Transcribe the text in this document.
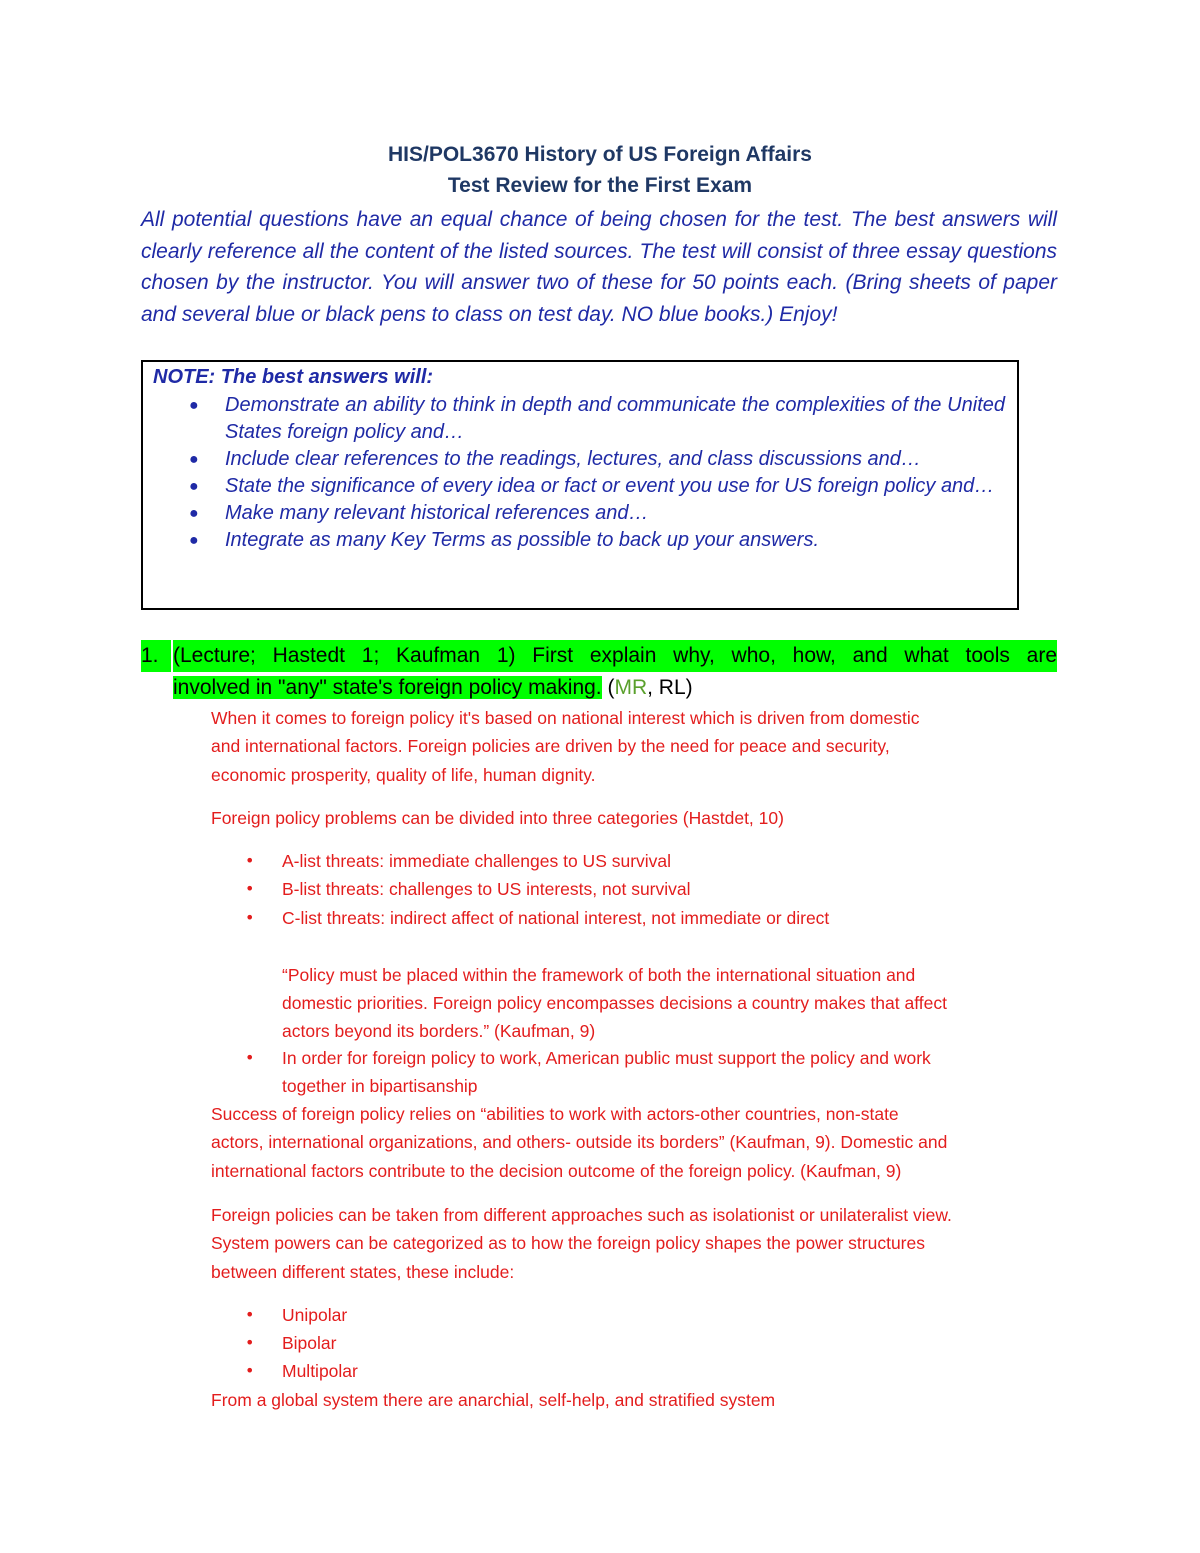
HIS/POL3670 History of US Foreign Affairs
Test Review for the First Exam

All potential questions have an equal chance of being chosen for the test. The best answers will clearly reference all the content of the listed sources. The test will consist of three essay questions chosen by the instructor. You will answer two of these for 50 points each. (Bring sheets of paper and several blue or black pens to class on test day. NO blue books.) Enjoy!

NOTE: The best answers will:

● Demonstrate an ability to think in depth and communicate the complexities of the United States foreign policy and…
● Include clear references to the readings, lectures, and class discussions and…
● State the significance of every idea or fact or event you use for US foreign policy and…
● Make many relevant historical references and…
● Integrate as many Key Terms as possible to back up your answers.
1. (Lecture; Hastedt 1; Kaufman 1) First explain why, who, how, and what tools are
involved in "any" state's foreign policy making. (MR, RL)

When it comes to foreign policy it's based on national interest which is driven from domestic

and international factors. Foreign policies are driven by the need for peace and security,

economic prosperity, quality of life, human dignity.

Foreign policy problems can be divided into three categories (Hastdet, 10)

• A-list threats: immediate challenges to US survival

• B-list threats: challenges to US interests, not survival

• C-list threats: indirect affect of national interest, not immediate or direct

“Policy must be placed within the framework of both the international situation and

domestic priorities. Foreign policy encompasses decisions a country makes that affect

actors beyond its borders.” (Kaufman, 9)

• In order for foreign policy to work, American public must support the policy and work

together in bipartisanship

Success of foreign policy relies on “abilities to work with actors-other countries, non-state

actors, international organizations, and others- outside its borders” (Kaufman, 9). Domestic and

international factors contribute to the decision outcome of the foreign policy. (Kaufman, 9)

Foreign policies can be taken from different approaches such as isolationist or unilateralist view.

System powers can be categorized as to how the foreign policy shapes the power structures

between different states, these include:

• Unipolar

• Bipolar

• Multipolar

From a global system there are anarchial, self-help, and stratified system
